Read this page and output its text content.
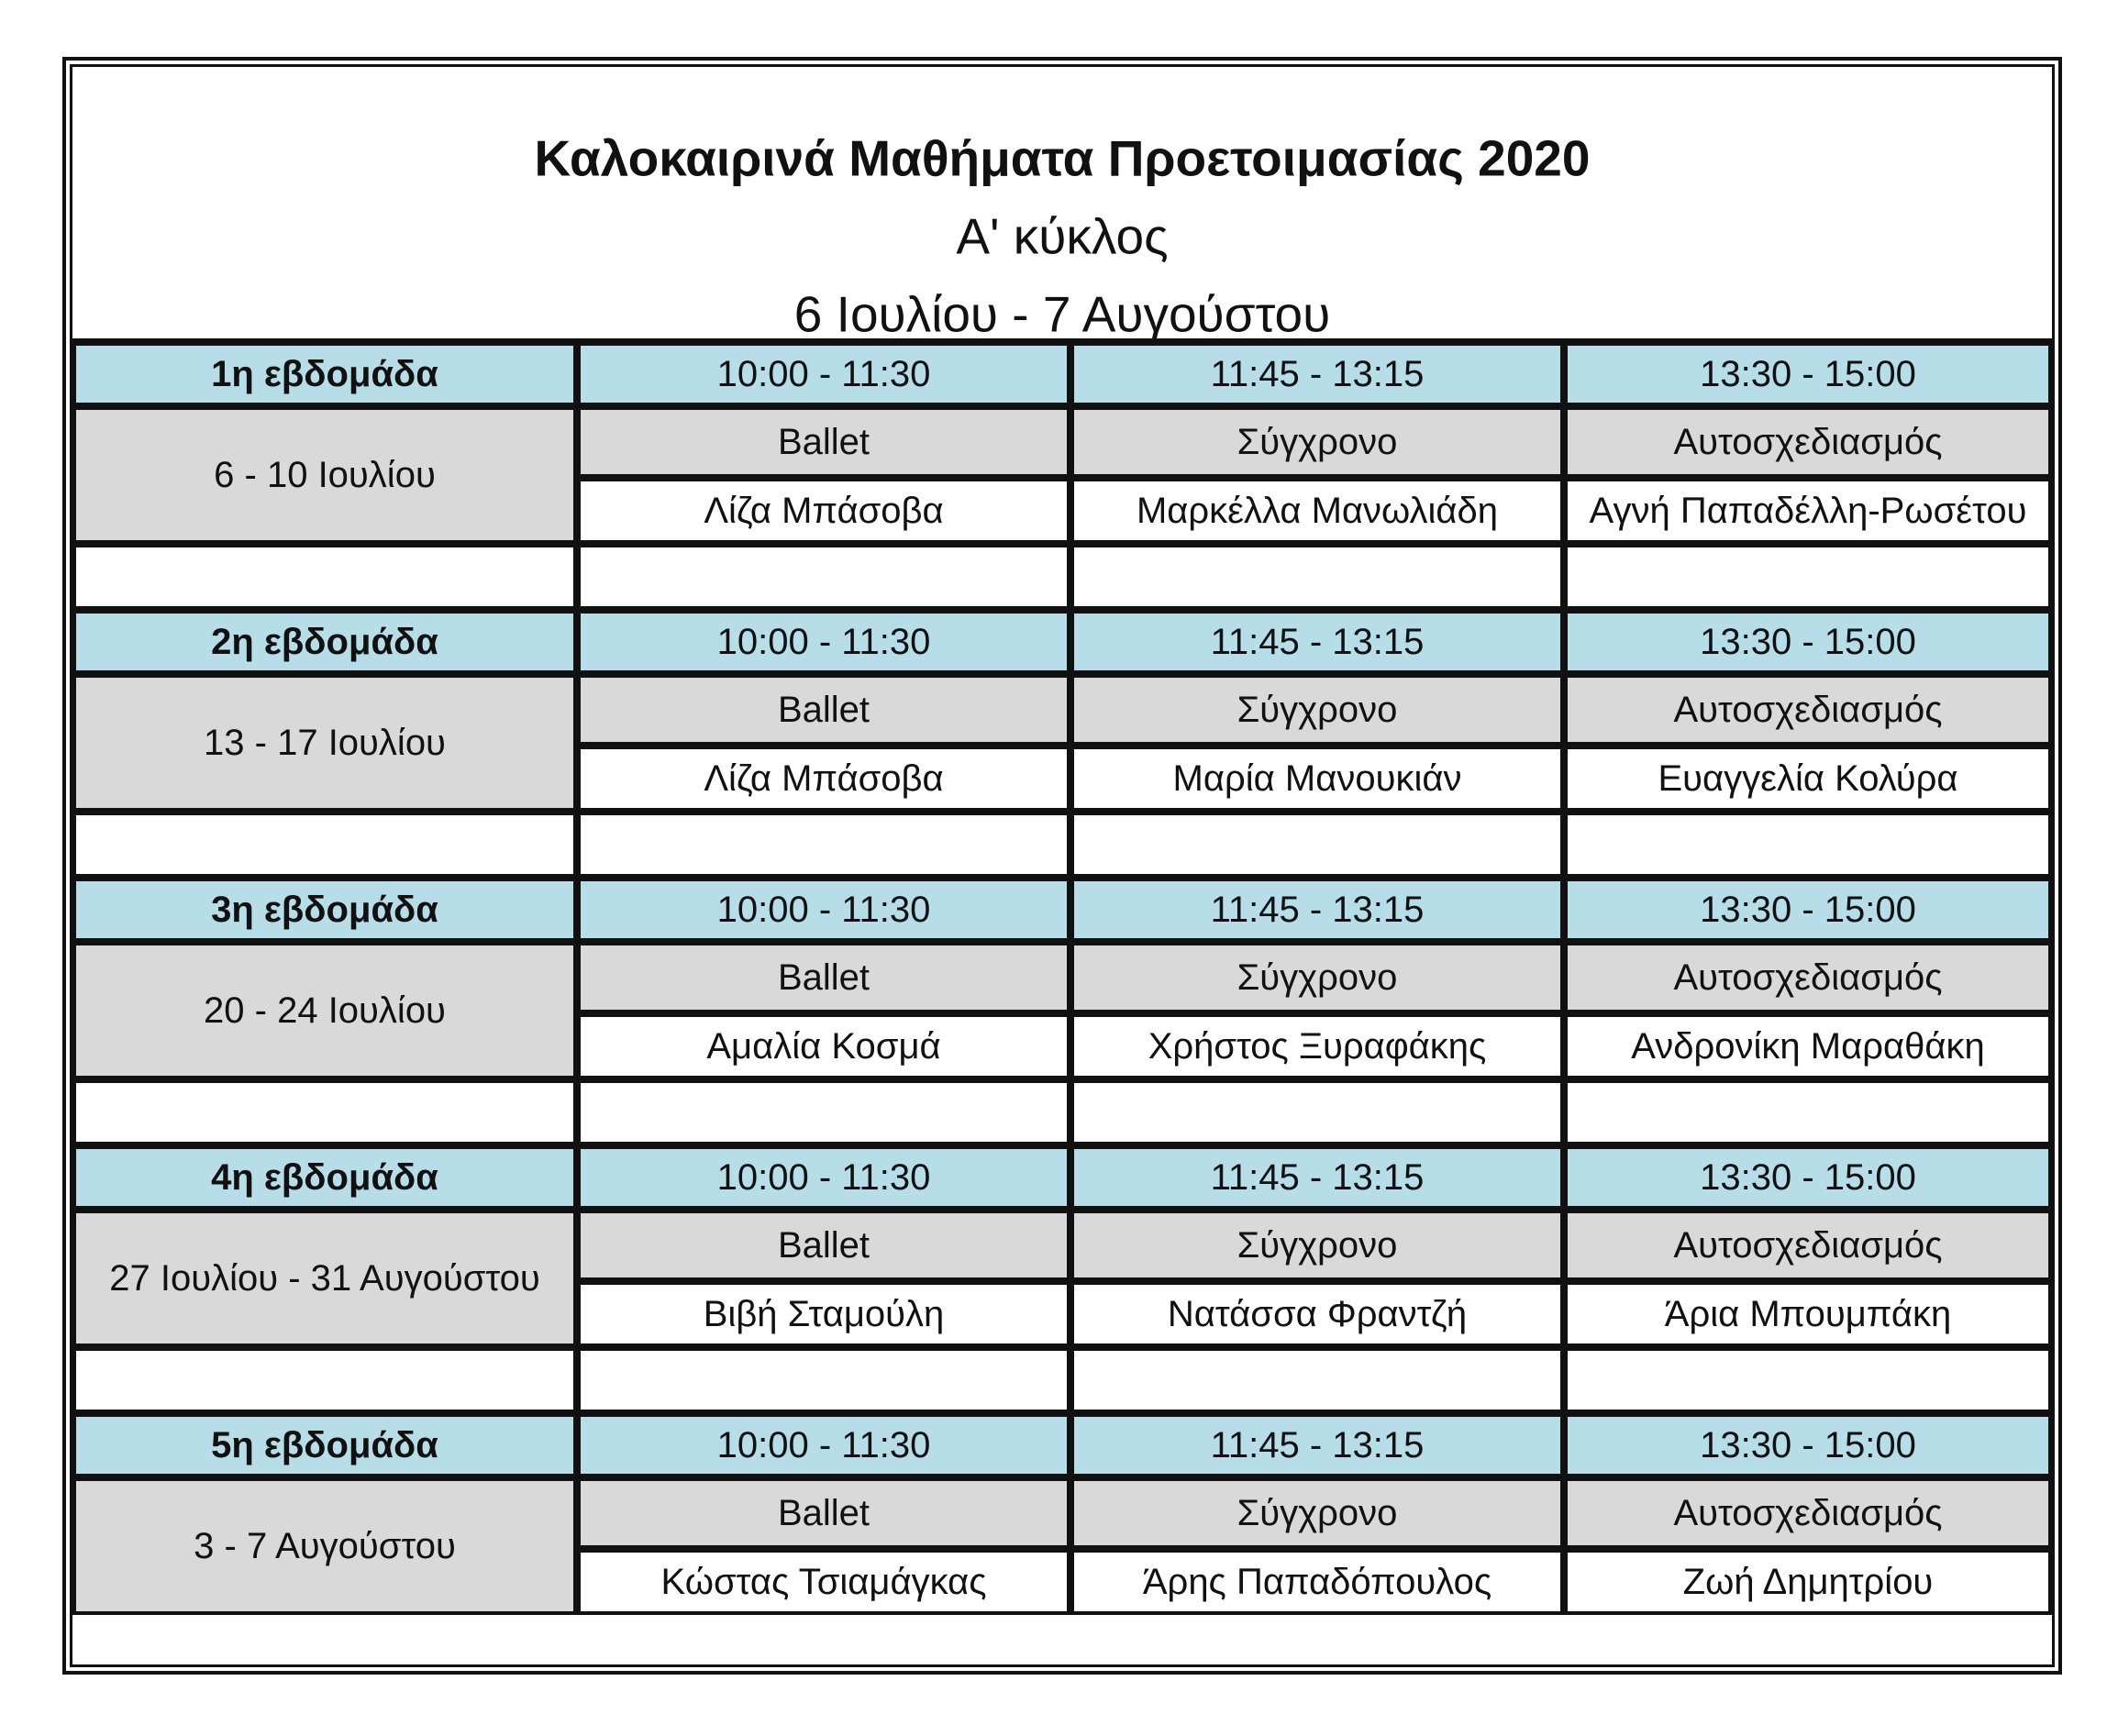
Καλοκαιρινά Μαθήματα Προετοιμασίας 2020
Α' κύκλος
6 Ιουλίου - 7 Αυγούστου
1η εβδομάδα	10:00 - 11:30	11:45 - 13:15	13:30 - 15:00
6 - 10 Ιουλίου
Ballet	Σύγχρονο	Αυτοσχεδιασμός
Λίζα Μπάσοβα	Μαρκέλλα Μανωλιάδη	Αγνή Παπαδέλλη-Ρωσέτου
2η εβδομάδα	10:00 - 11:30	11:45 - 13:15	13:30 - 15:00
13 - 17 Ιουλίου
Ballet	Σύγχρονο	Αυτοσχεδιασμός
Λίζα Μπάσοβα	Μαρία Μανουκιάν	Ευαγγελία Κολύρα
3η εβδομάδα	10:00 - 11:30	11:45 - 13:15	13:30 - 15:00
20 - 24 Ιουλίου
Ballet	Σύγχρονο	Αυτοσχεδιασμός
Αμαλία Κοσμά	Χρήστος Ξυραφάκης	Ανδρονίκη Μαραθάκη
4η εβδομάδα	10:00 - 11:30	11:45 - 13:15	13:30 - 15:00
27 Ιουλίου - 31 Αυγούστου
Ballet	Σύγχρονο	Αυτοσχεδιασμός
Βιβή Σταμούλη	Νατάσσα Φραντζή	Άρια Μπουμπάκη
5η εβδομάδα	10:00 - 11:30	11:45 - 13:15	13:30 - 15:00
3 - 7 Αυγούστου
Ballet	Σύγχρονο	Αυτοσχεδιασμός
Κώστας Τσιαμάγκας	Άρης Παπαδόπουλος	Ζωή Δημητρίου
